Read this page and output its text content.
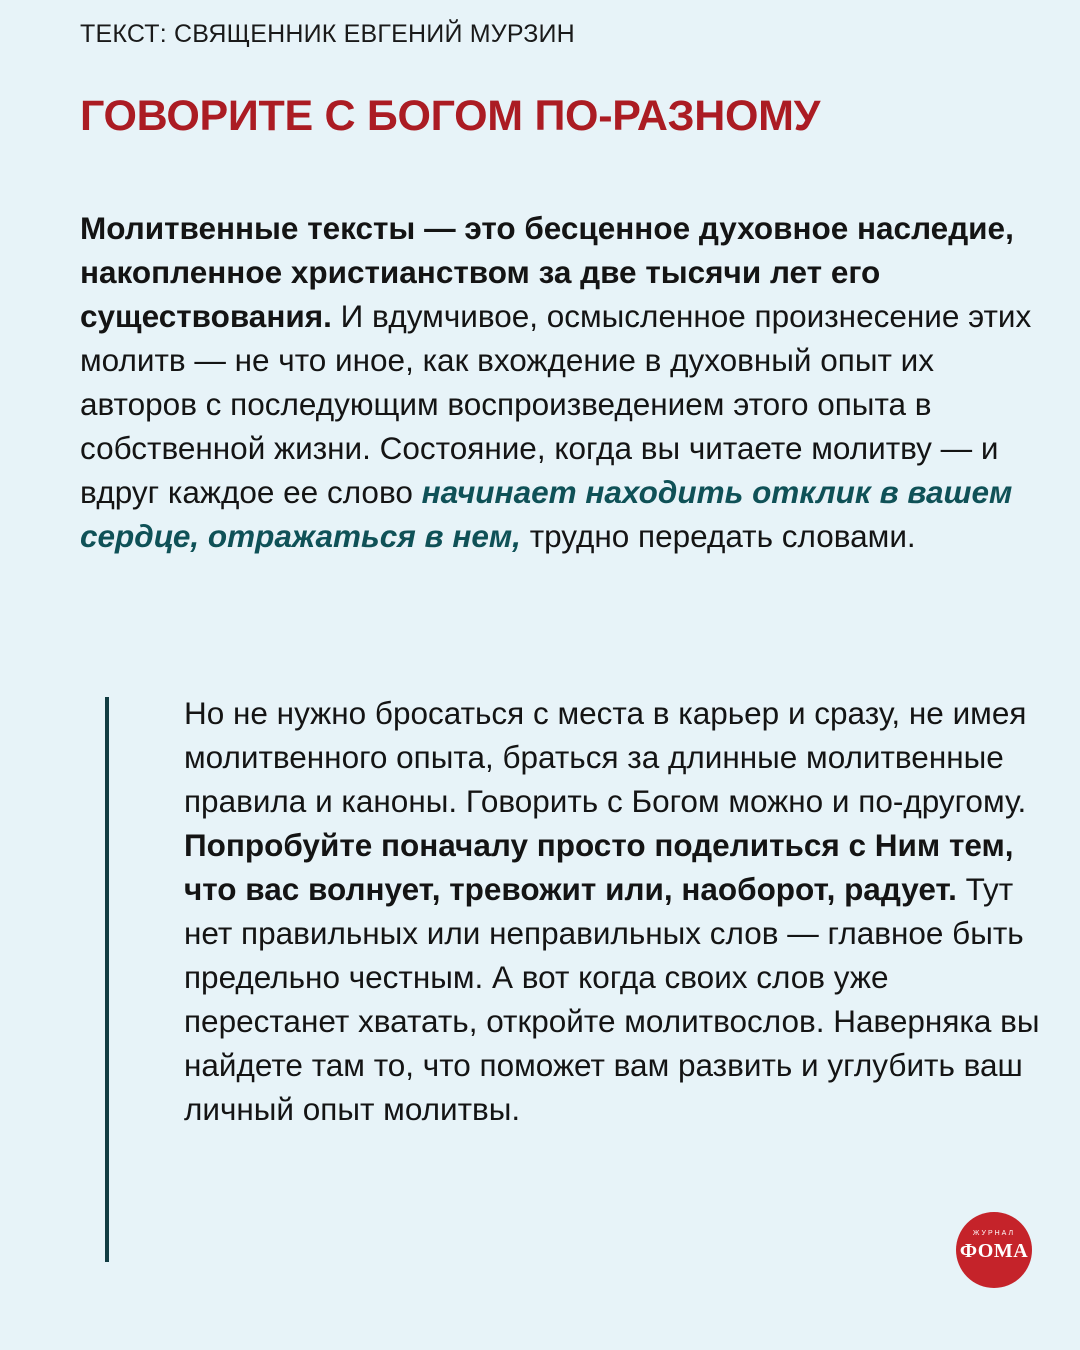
ТЕКСТ: СВЯЩЕННИК ЕВГЕНИЙ МУРЗИН
ГОВОРИТЕ С БОГОМ ПО-РАЗНОМУ

Молитвенные тексты — это бесценное духовное наследие, накопленное христианством за две тысячи лет его существования. И вдумчивое, осмысленное произнесение этих молитв — не что иное, как вхождение в духовный опыт их авторов с последующим воспроизведением этого опыта в собственной жизни. Состояние, когда вы читаете молитву — и вдруг каждое ее слово начинает находить отклик в вашем сердце, отражаться в нем, трудно передать словами.

Но не нужно бросаться с места в карьер и сразу, не имея молитвенного опыта, браться за длинные молитвенные правила и каноны. Говорить с Богом можно и по-другому. Попробуйте поначалу просто поделиться с Ним тем, что вас волнует, тревожит или, наоборот, радует. Тут нет правильных или неправильных слов — главное быть предельно честным. А вот когда своих слов уже перестанет хватать, откройте молитвослов. Наверняка вы найдете там то, что поможет вам развить и углубить ваш личный опыт молитвы.

ЖУРНАЛ
ФОМА
